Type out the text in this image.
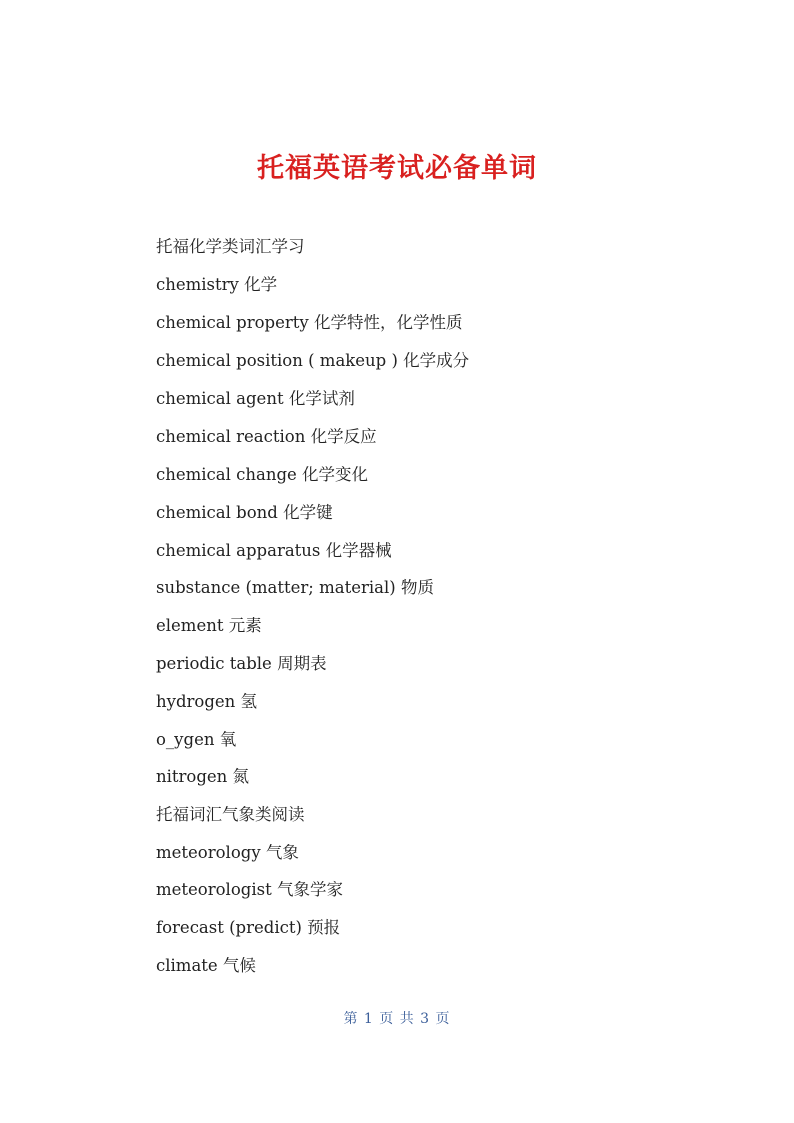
托福英语考试必备单词
托福化学类词汇学习
chemistry 化学
chemical property 化学特性，化学性质
chemical position ( makeup ) 化学成分
chemical agent 化学试剂
chemical reaction 化学反应
chemical change 化学变化
chemical bond 化学键
chemical apparatus 化学器械
substance (matter; material) 物质
element 元素
periodic table 周期表
hydrogen 氢
o_ygen 氧
nitrogen 氮
托福词汇气象类阅读
meteorology 气象
meteorologist 气象学家
forecast (predict) 预报
climate 气候
第 1 页 共 3 页
